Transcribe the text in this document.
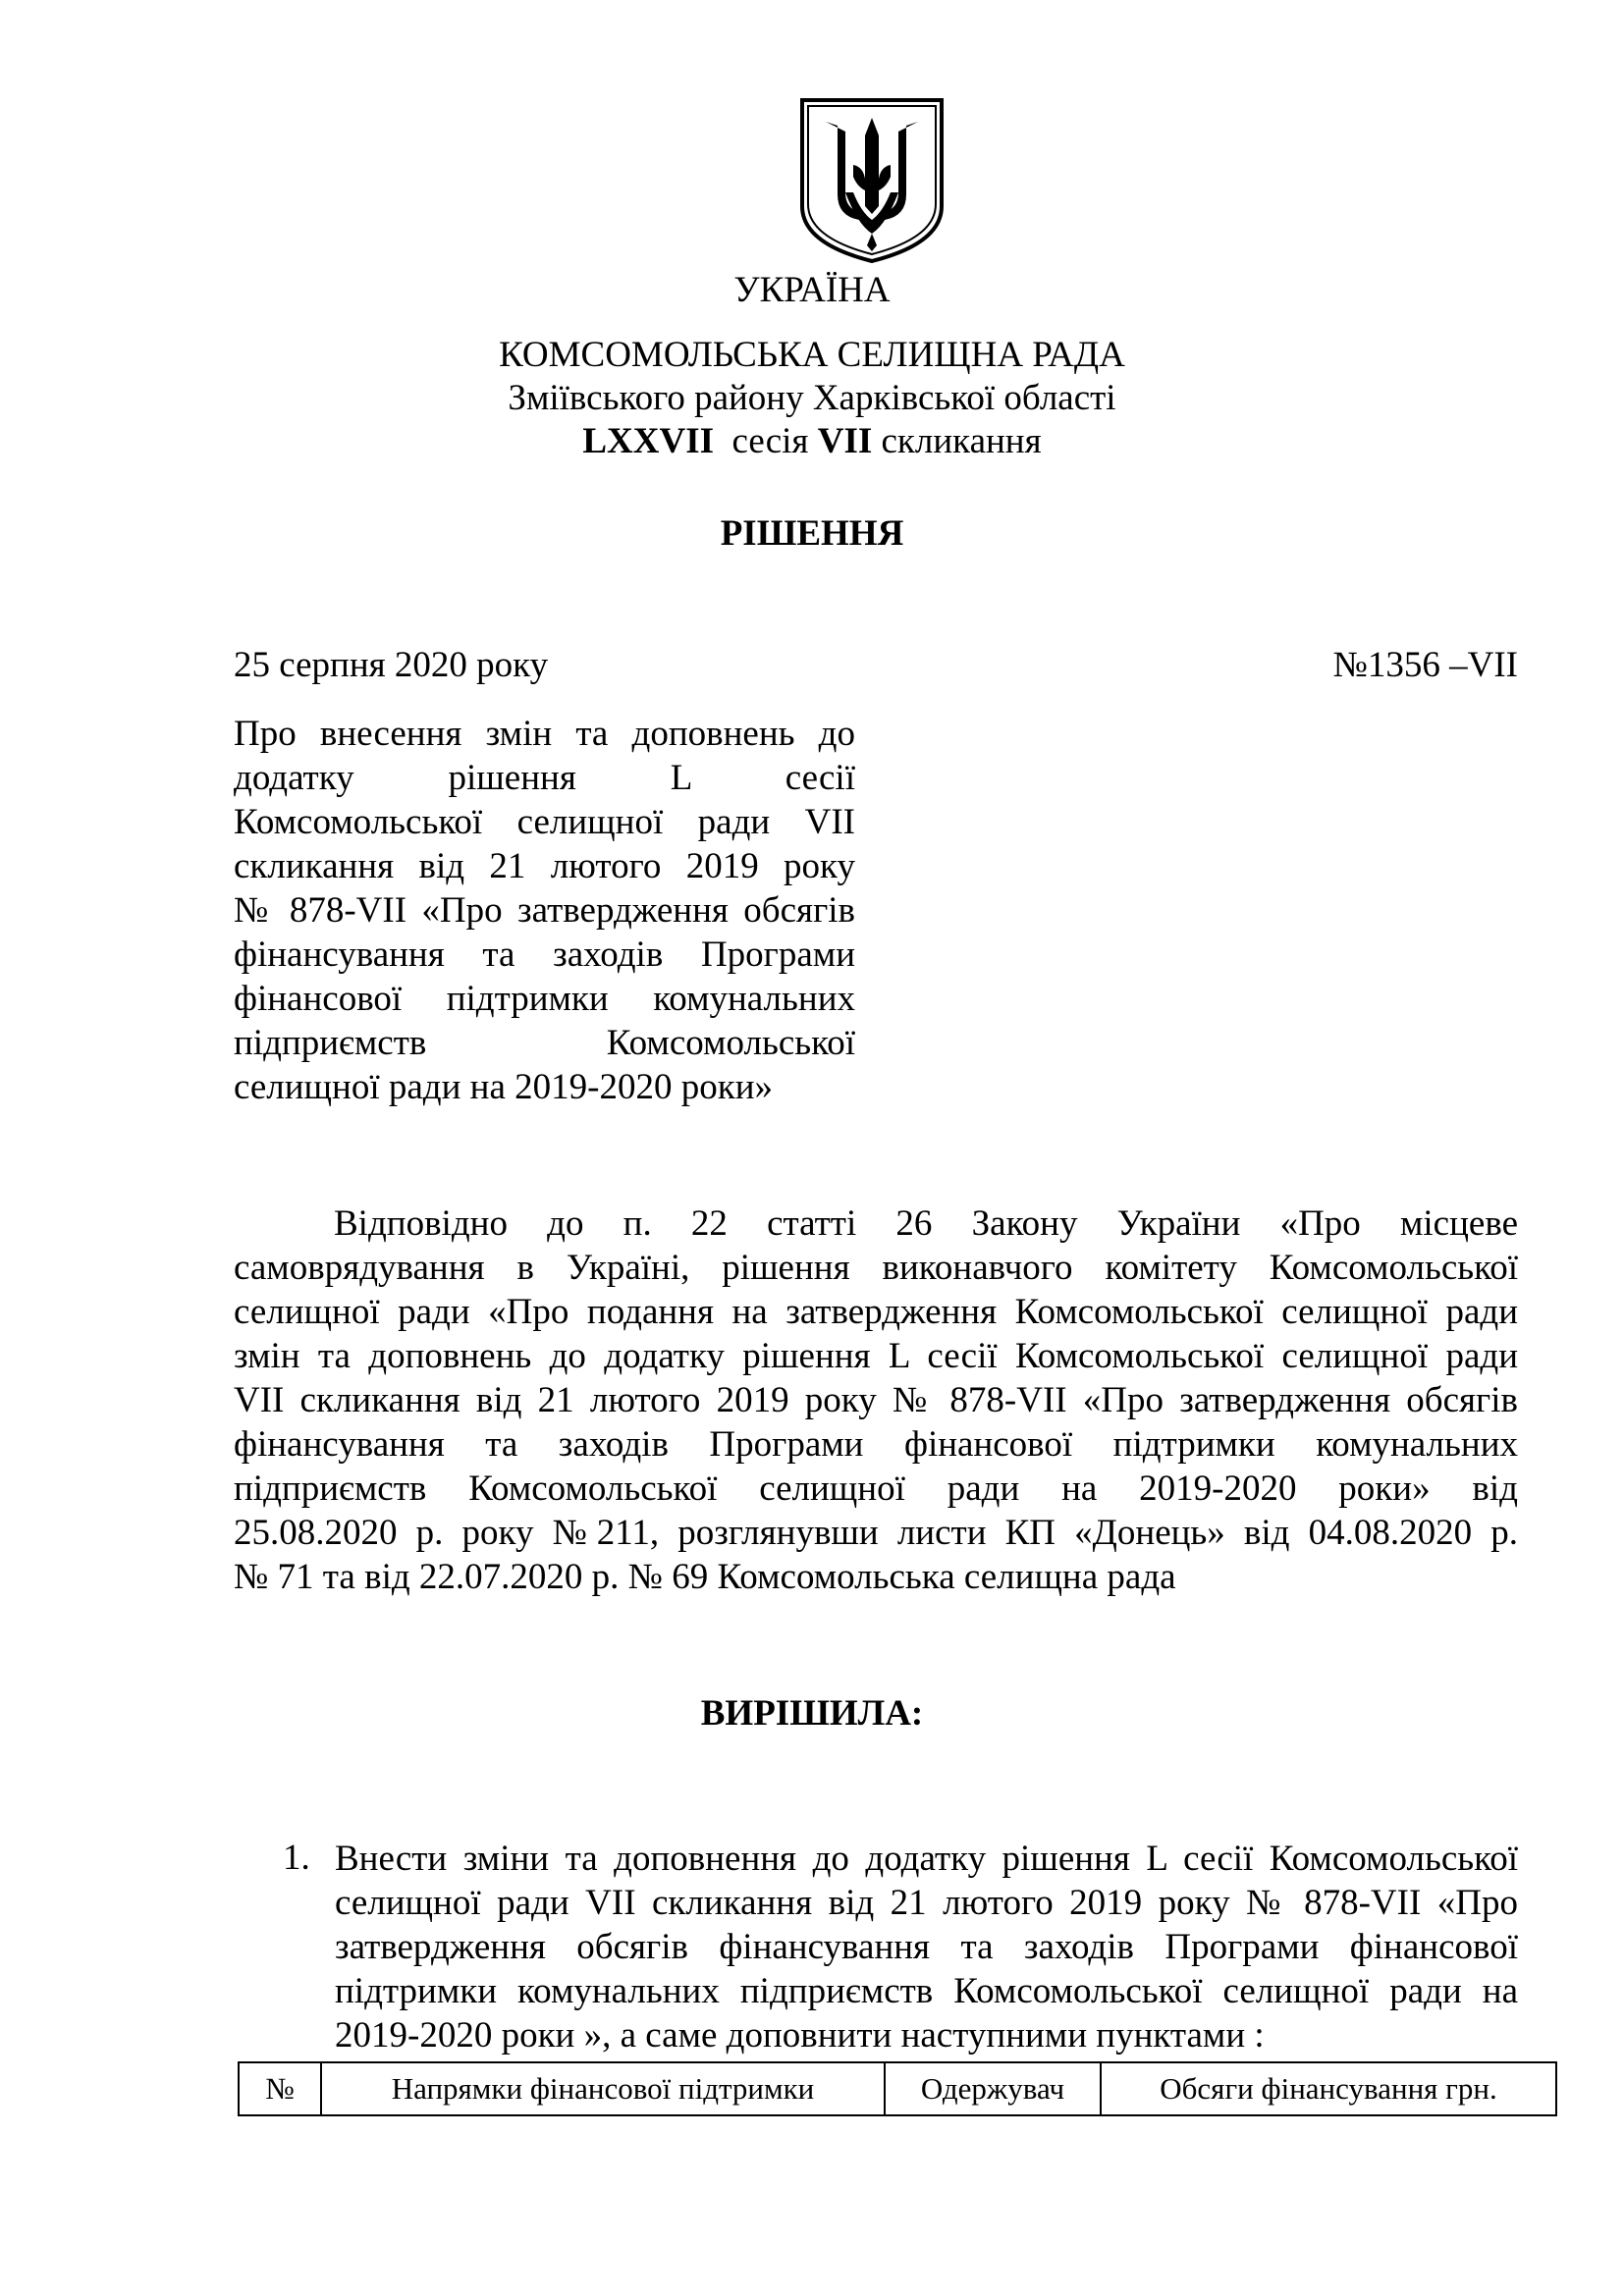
УКРАЇНА
КОМСОМОЛЬСЬКА СЕЛИЩНА РАДА
Зміївського району Харківської області
LXXVII сесія VII скликання
РІШЕННЯ
25 серпня 2020 року	№1356 –VII
Про внесення змін та доповнень до
додатку рішення L сесії
Комсомольської селищної ради VII
скликання від 21 лютого 2019 року
№ 878-VII «Про затвердження обсягів
фінансування та заходів Програми
фінансової підтримки комунальних
підприємств Комсомольської
селищної ради на 2019-2020 роки»
Відповідно до п. 22 статті 26 Закону України «Про місцеве
самоврядування в Україні, рішення виконавчого комітету Комсомольської
селищної ради «Про подання на затвердження Комсомольської селищної ради
змін та доповнень до додатку рішення L сесії Комсомольської селищної ради
VII скликання від 21 лютого 2019 року № 878-VII «Про затвердження обсягів
фінансування та заходів Програми фінансової підтримки комунальних
підприємств Комсомольської селищної ради на 2019-2020 роки» від
25.08.2020 р. року №211, розглянувши листи КП «Донець» від 04.08.2020 р.
№ 71 та від 22.07.2020 р. № 69 Комсомольська селищна рада
ВИРІШИЛА:
1. Внести зміни та доповнення до додатку рішення L сесії Комсомольської
селищної ради VII скликання від 21 лютого 2019 року № 878-VII «Про
затвердження обсягів фінансування та заходів Програми фінансової
підтримки комунальних підприємств Комсомольської селищної ради на
2019-2020 роки », а саме доповнити наступними пунктами :
№	Напрямки фінансової підтримки	Одержувач	Обсяги фінансування грн.
